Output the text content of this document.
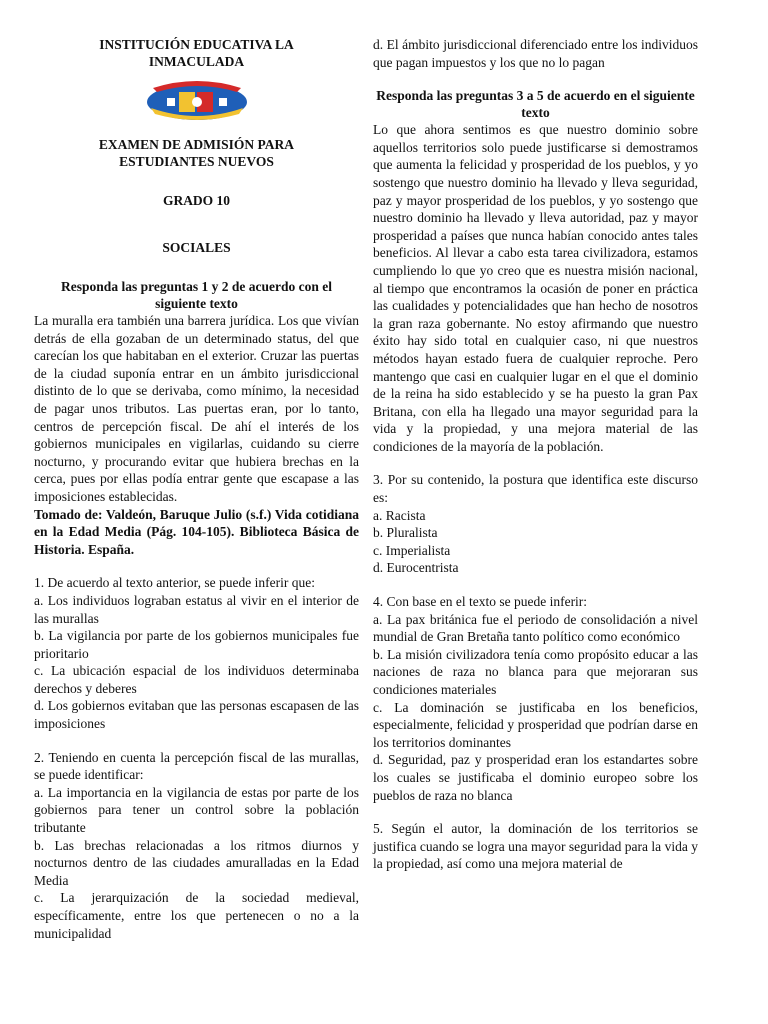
INSTITUCIÓN EDUCATIVA LA

INMACULADA

EXAMEN DE ADMISIÓN PARA

ESTUDIANTES NUEVOS

GRADO 10

SOCIALES

Responda las preguntas 1 y 2 de acuerdo con el siguiente texto

La muralla era también una barrera jurídica. Los que vivían detrás de ella gozaban de un determinado status, del que carecían los que habitaban en el exterior. Cruzar las puertas de la ciudad suponía entrar en un ámbito jurisdiccional distinto de lo que se derivaba, como mínimo, la necesidad de pagar unos tributos. Las puertas eran, por lo tanto, centros de percepción fiscal. De ahí el interés de los gobiernos municipales en vigilarlas, cuidando su cierre nocturno, y procurando evitar que hubiera brechas en la cerca, pues por ellas podía entrar gente que escapase a las imposiciones establecidas.

Tomado de: Valdeón, Baruque Julio (s.f.) Vida cotidiana en la Edad Media (Pág. 104-105). Biblioteca Básica de Historia. España.

1. De acuerdo al texto anterior, se puede inferir que:

a. Los individuos lograban estatus al vivir en el interior de las murallas

b. La vigilancia por parte de los gobiernos municipales fue prioritario

c. La ubicación espacial de los individuos determinaba derechos y deberes

d. Los gobiernos evitaban que las personas escapasen de las imposiciones

2. Teniendo en cuenta la percepción fiscal de las murallas, se puede identificar:

a. La importancia en la vigilancia de estas por parte de los gobiernos para tener un control sobre la población tributante

b. Las brechas relacionadas a los ritmos diurnos y nocturnos dentro de las ciudades amuralladas en la Edad Media

c. La jerarquización de la sociedad medieval, específicamente, entre los que pertenecen o no a la municipalidad

d. El ámbito jurisdiccional diferenciado entre los individuos que pagan impuestos y los que no lo pagan

Responda las preguntas 3 a 5 de acuerdo en el siguiente texto

Lo que ahora sentimos es que nuestro dominio sobre aquellos territorios solo puede justificarse si demostramos que aumenta la felicidad y prosperidad de los pueblos, y yo sostengo que nuestro dominio ha llevado y lleva seguridad, paz y mayor prosperidad de los pueblos, y yo sostengo que nuestro dominio ha llevado y lleva autoridad, paz y mayor prosperidad a países que nunca habían conocido antes tales beneficios. Al llevar a cabo esta tarea civilizadora, estamos cumpliendo lo que yo creo que es nuestra misión nacional, al tiempo que encontramos la ocasión de poner en práctica las cualidades y potencialidades que han hecho de nosotros la gran raza gobernante. No estoy afirmando que nuestro éxito hay sido total en cualquier caso, ni que nuestros métodos hayan estado fuera de cualquier reproche. Pero mantengo que casi en cualquier lugar en el que el dominio de la reina ha sido establecido y se ha puesto la gran Pax Britana, con ella ha llegado una mayor seguridad para la vida y la propiedad, y una mejora material de las condiciones de la mayoría de la población.

3. Por su contenido, la postura que identifica este discurso es:

a. Racista

b. Pluralista

c. Imperialista

d. Eurocentrista

4. Con base en el texto se puede inferir:

a. La pax británica fue el periodo de consolidación a nivel mundial de Gran Bretaña tanto político como económico

b. La misión civilizadora tenía como propósito educar a las naciones de raza no blanca para que mejoraran sus condiciones materiales

c. La dominación se justificaba en los beneficios, especialmente, felicidad y prosperidad que podrían darse en los territorios dominantes

d. Seguridad, paz y prosperidad eran los estandartes sobre los cuales se justificaba el dominio europeo sobre los pueblos de raza no blanca

5. Según el autor, la dominación de los territorios se justifica cuando se logra una mayor seguridad para la vida y la propiedad, así como una mejora material de
